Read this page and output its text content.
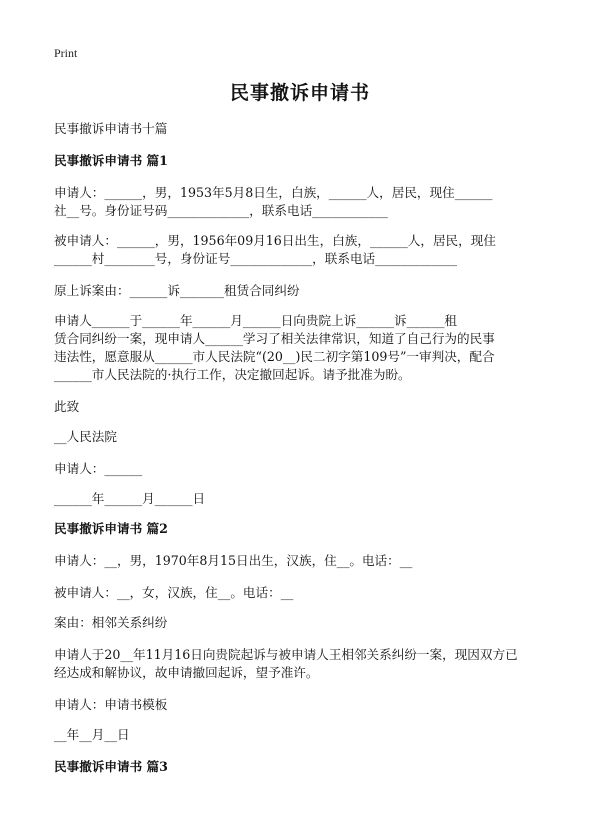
Print
民事撤诉申请书
民事撤诉申请书十篇
民事撤诉申请书 篇1
申请人：______，男，1953年5月8日生，白族，______人，居民，现住______
社__号。身份证号码_____________，联系电话____________
被申请人：______，男，1956年09月16日出生，白族，______人，居民，现住
______村________号，身份证号_____________，联系电话_____________
原上诉案由：______诉_______租赁合同纠纷
申请人______于______年______月______日向贵院上诉______诉______租
赁合同纠纷一案，现申请人______学习了相关法律常识，知道了自己行为的民事
违法性，愿意服从______市人民法院“(20__)民二初字第109号”一审判决，配合
______市人民法院的·执行工作，决定撤回起诉。请予批准为盼。
此致
__人民法院
申请人：______
______年______月______日
民事撤诉申请书 篇2
申请人：__，男，1970年8月15日出生，汉族，住__。电话：__
被申请人：__，女，汉族，住__。电话：__
案由：相邻关系纠纷
申请人于20__年11月16日向贵院起诉与被申请人王相邻关系纠纷一案，现因双方已
经达成和解协议，故申请撤回起诉，望予准许。
申请人：申请书模板
__年__月__日
民事撤诉申请书 篇3
